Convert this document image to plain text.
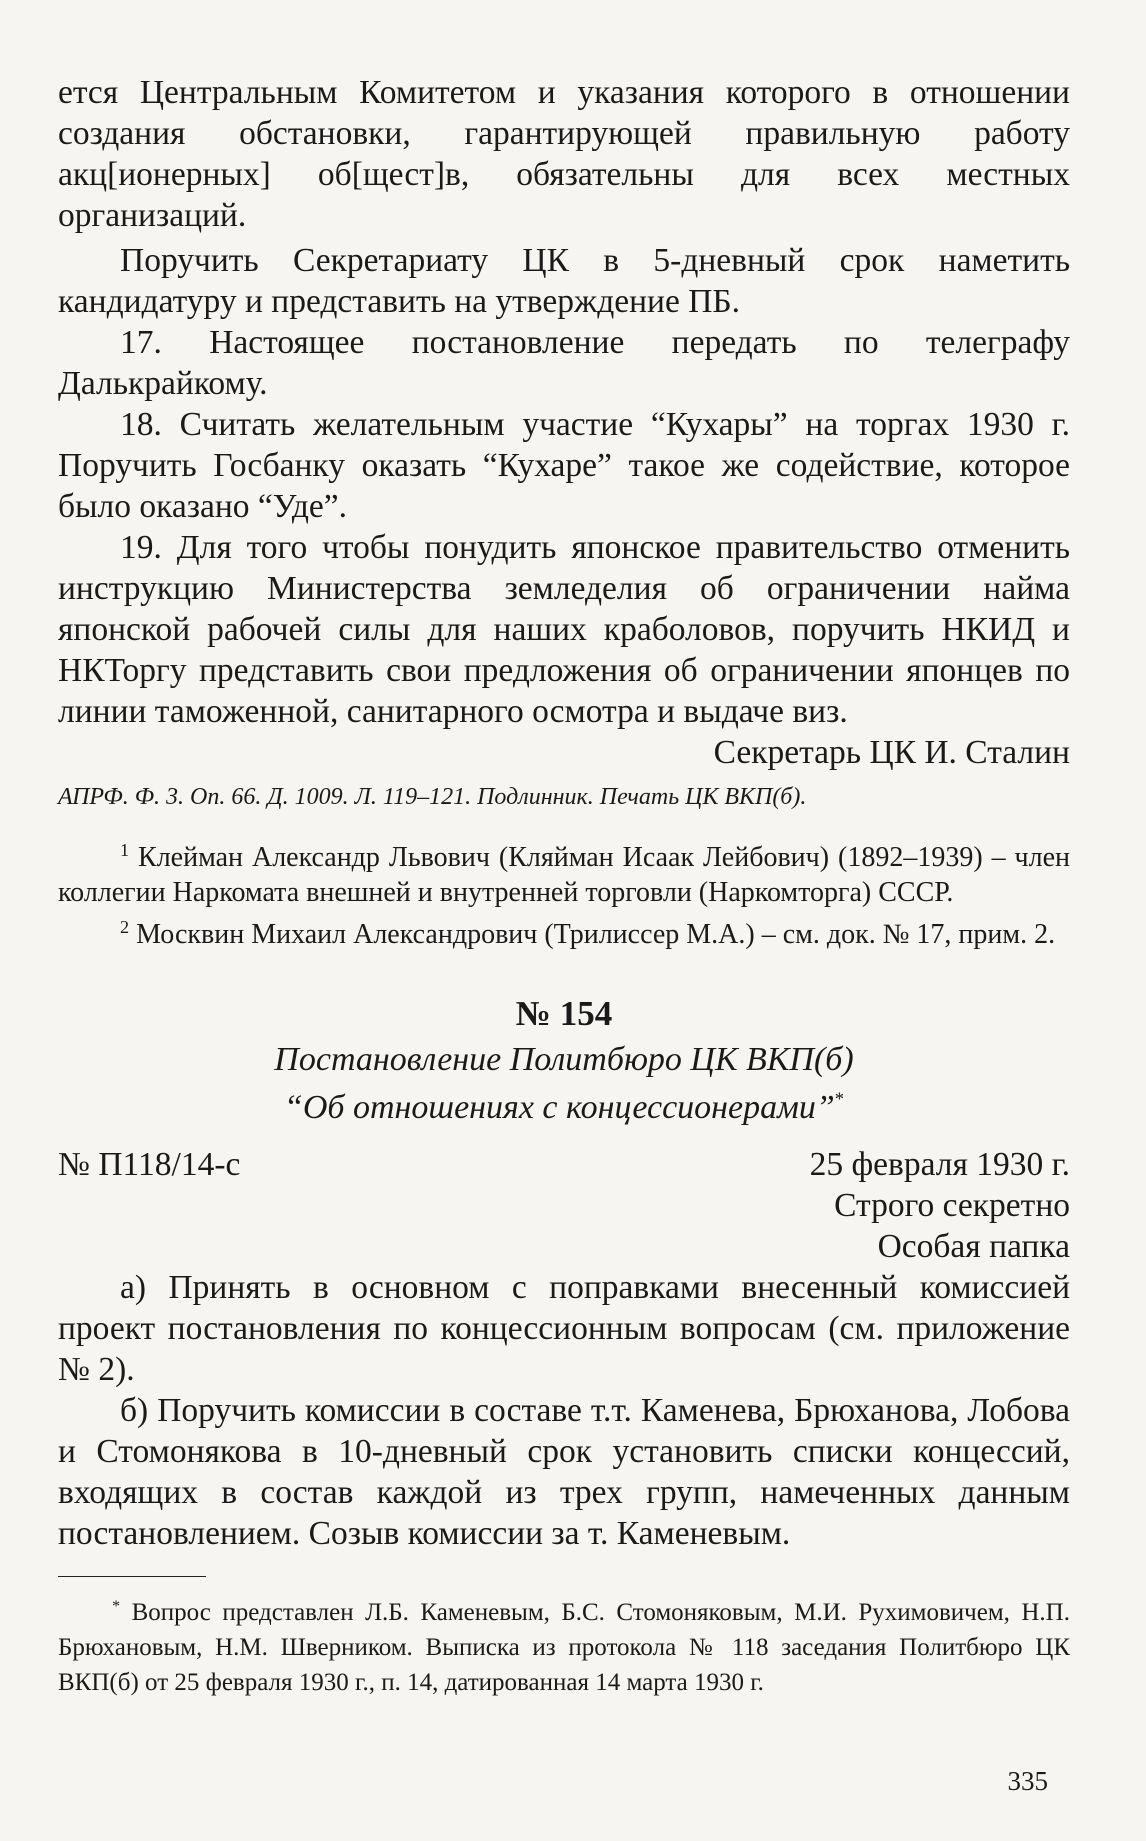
ется Центральным Комитетом и указания которого в отношении создания обстановки, гарантирующей правильную работу акц[ионерных] об[щест]в, обязательны для всех местных организаций.

Поручить Секретариату ЦК в 5-дневный срок наметить кандидатуру и представить на утверждение ПБ.

17. Настоящее постановление передать по телеграфу Далькрайкому.

18. Считать желательным участие “Кухары” на торгах 1930 г. Поручить Госбанку оказать “Кухаре” такое же содействие, которое было оказано “Уде”.

19. Для того чтобы понудить японское правительство отменить инструкцию Министерства земледелия об ограничении найма японской рабочей силы для наших краболовов, поручить НКИД и НКТоргу представить свои предложения об ограничении японцев по линии таможенной, санитарного осмотра и выдаче виз.

Секретарь ЦК И. Сталин

АПРФ. Ф. 3. Оп. 66. Д. 1009. Л. 119–121. Подлинник. Печать ЦК ВКП(б).

$^1$ Клейман Александр Львович (Кляйман Исаак Лейбович) (1892–1939) – член коллегии Наркомата внешней и внутренней торговли (Наркомторга) СССР.

$^2$ Москвин Михаил Александрович (Трилиссер М.А.) – см. док. № 17, прим. 2.

№ 154

Постановление Политбюро ЦК ВКП(б)

“Об отношениях с концессионерами”*

№ П118/14-с	25 февраля 1930 г.

Строго секретно

Особая папка

а) Принять в основном с поправками внесенный комиссией проект постановления по концессионным вопросам (см. приложение № 2).

б) Поручить комиссии в составе т.т. Каменева, Брюханова, Лобова и Стомонякова в 10-дневный срок установить списки концессий, входящих в состав каждой из трех групп, намеченных данным постановлением. Созыв комиссии за т. Каменевым.

* Вопрос представлен Л.Б. Каменевым, Б.С. Стомоняковым, М.И. Рухимовичем, Н.П. Брюхановым, Н.М. Шверником. Выписка из протокола № 118 заседания Политбюро ЦК ВКП(б) от 25 февраля 1930 г., п. 14, датированная 14 марта 1930 г.

335
